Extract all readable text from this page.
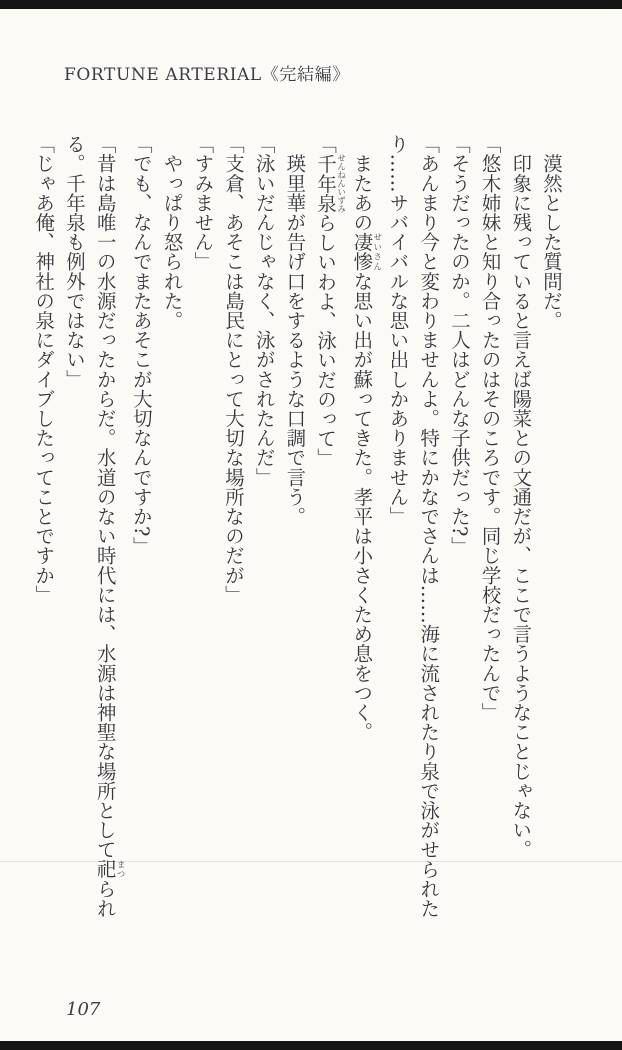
FORTUNE ARTERIAL《完結編》

　漠然とした質問だ。

　印象に残っていると言えば陽菜との文通だが、ここで言うようなことじゃない。

「悠木姉妹と知り合ったのはそのころです。同じ学校だったんで」

「そうだったのか。二人はどんな子供だった?」

「あんまり今と変わりませんよ。特にかなでさんは……海に流されたり泉で泳がせられたり……サバイバルな思い出しかありません」

　またあの凄惨せいさんな思い出が蘇ってきた。孝平は小さくため息をつく。

「千年泉せんねんいずみらしいわよ、泳いだのって」

　瑛里華が告げ口をするような口調で言う。

「泳いだんじゃなく、泳がされたんだ」

「支倉、あそこは島民にとって大切な場所なのだが」

「すみません」

　やっぱり怒られた。

「でも、なんでまたあそこが大切なんですか?」

「昔は島唯一の水源だったからだ。水道のない時代には、水源は神聖な場所として祀まつられる。千年泉も例外ではない」

「じゃあ俺、神社の泉にダイブしたってことですか」

107
